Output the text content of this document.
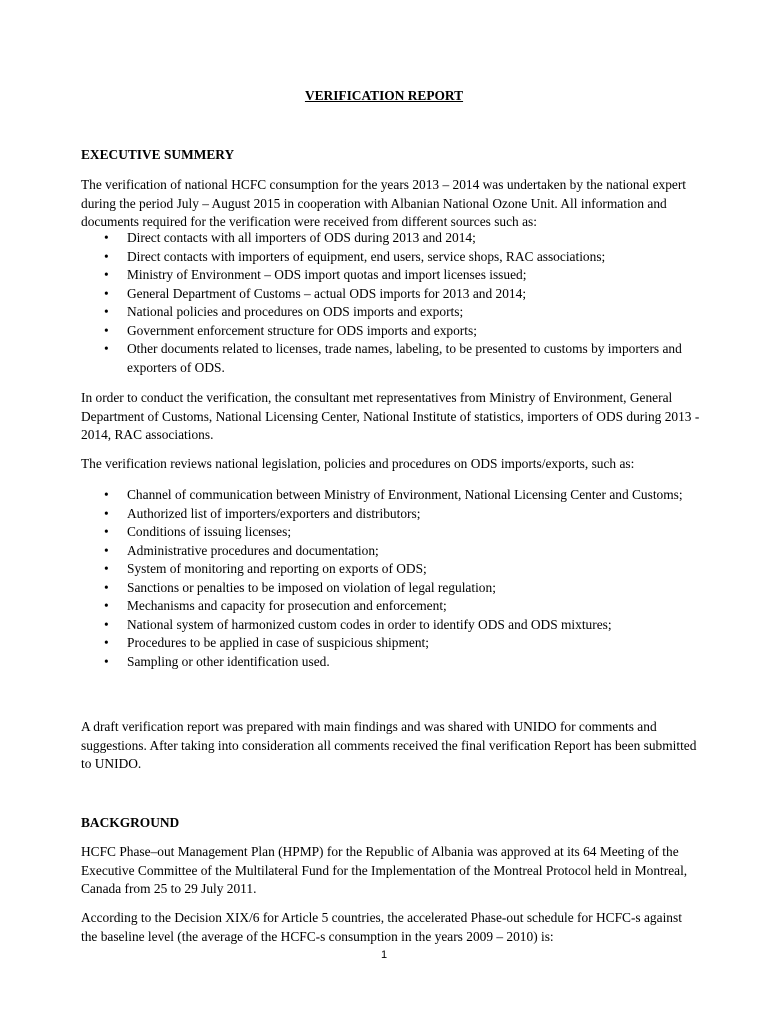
VERIFICATION REPORT
EXECUTIVE SUMMERY

The verification of national HCFC consumption for the years 2013 – 2014 was undertaken by the national expert during the period July – August 2015 in cooperation with Albanian National Ozone Unit. All information and documents required for the verification were received from different sources such as:

• Direct contacts with all importers of ODS during 2013 and 2014;
• Direct contacts with importers of equipment, end users, service shops, RAC associations;
• Ministry of Environment – ODS import quotas and import licenses issued;
• General Department of Customs – actual ODS imports for 2013 and 2014;
• National policies and procedures on ODS imports and exports;
• Government enforcement structure for ODS imports and exports;
• Other documents related to licenses, trade names, labeling, to be presented to customs by importers and exporters of ODS.

In order to conduct the verification, the consultant met representatives from Ministry of Environment, General Department of Customs, National Licensing Center, National Institute of statistics, importers of ODS during 2013 - 2014, RAC associations.

The verification reviews national legislation, policies and procedures on ODS imports/exports, such as:

• Channel of communication between Ministry of Environment, National Licensing Center and Customs;
• Authorized list of importers/exporters and distributors;
• Conditions of issuing licenses;
• Administrative procedures and documentation;
• System of monitoring and reporting on exports of ODS;
• Sanctions or penalties to be imposed on violation of legal regulation;
• Mechanisms and capacity for prosecution and enforcement;
• National system of harmonized custom codes in order to identify ODS and ODS mixtures;
• Procedures to be applied in case of suspicious shipment;
• Sampling or other identification used.

A draft verification report was prepared with main findings and was shared with UNIDO for comments and suggestions. After taking into consideration all comments received the final verification Report has been submitted to UNIDO.

BACKGROUND

HCFC Phase–out Management Plan (HPMP) for the Republic of Albania was approved at its 64 Meeting of the Executive Committee of the Multilateral Fund for the Implementation of the Montreal Protocol held in Montreal, Canada from 25 to 29 July 2011.

According to the Decision XIX/6 for Article 5 countries, the accelerated Phase-out schedule for HCFC-s against the baseline level (the average of the HCFC-s consumption in the years 2009 – 2010) is:

1
